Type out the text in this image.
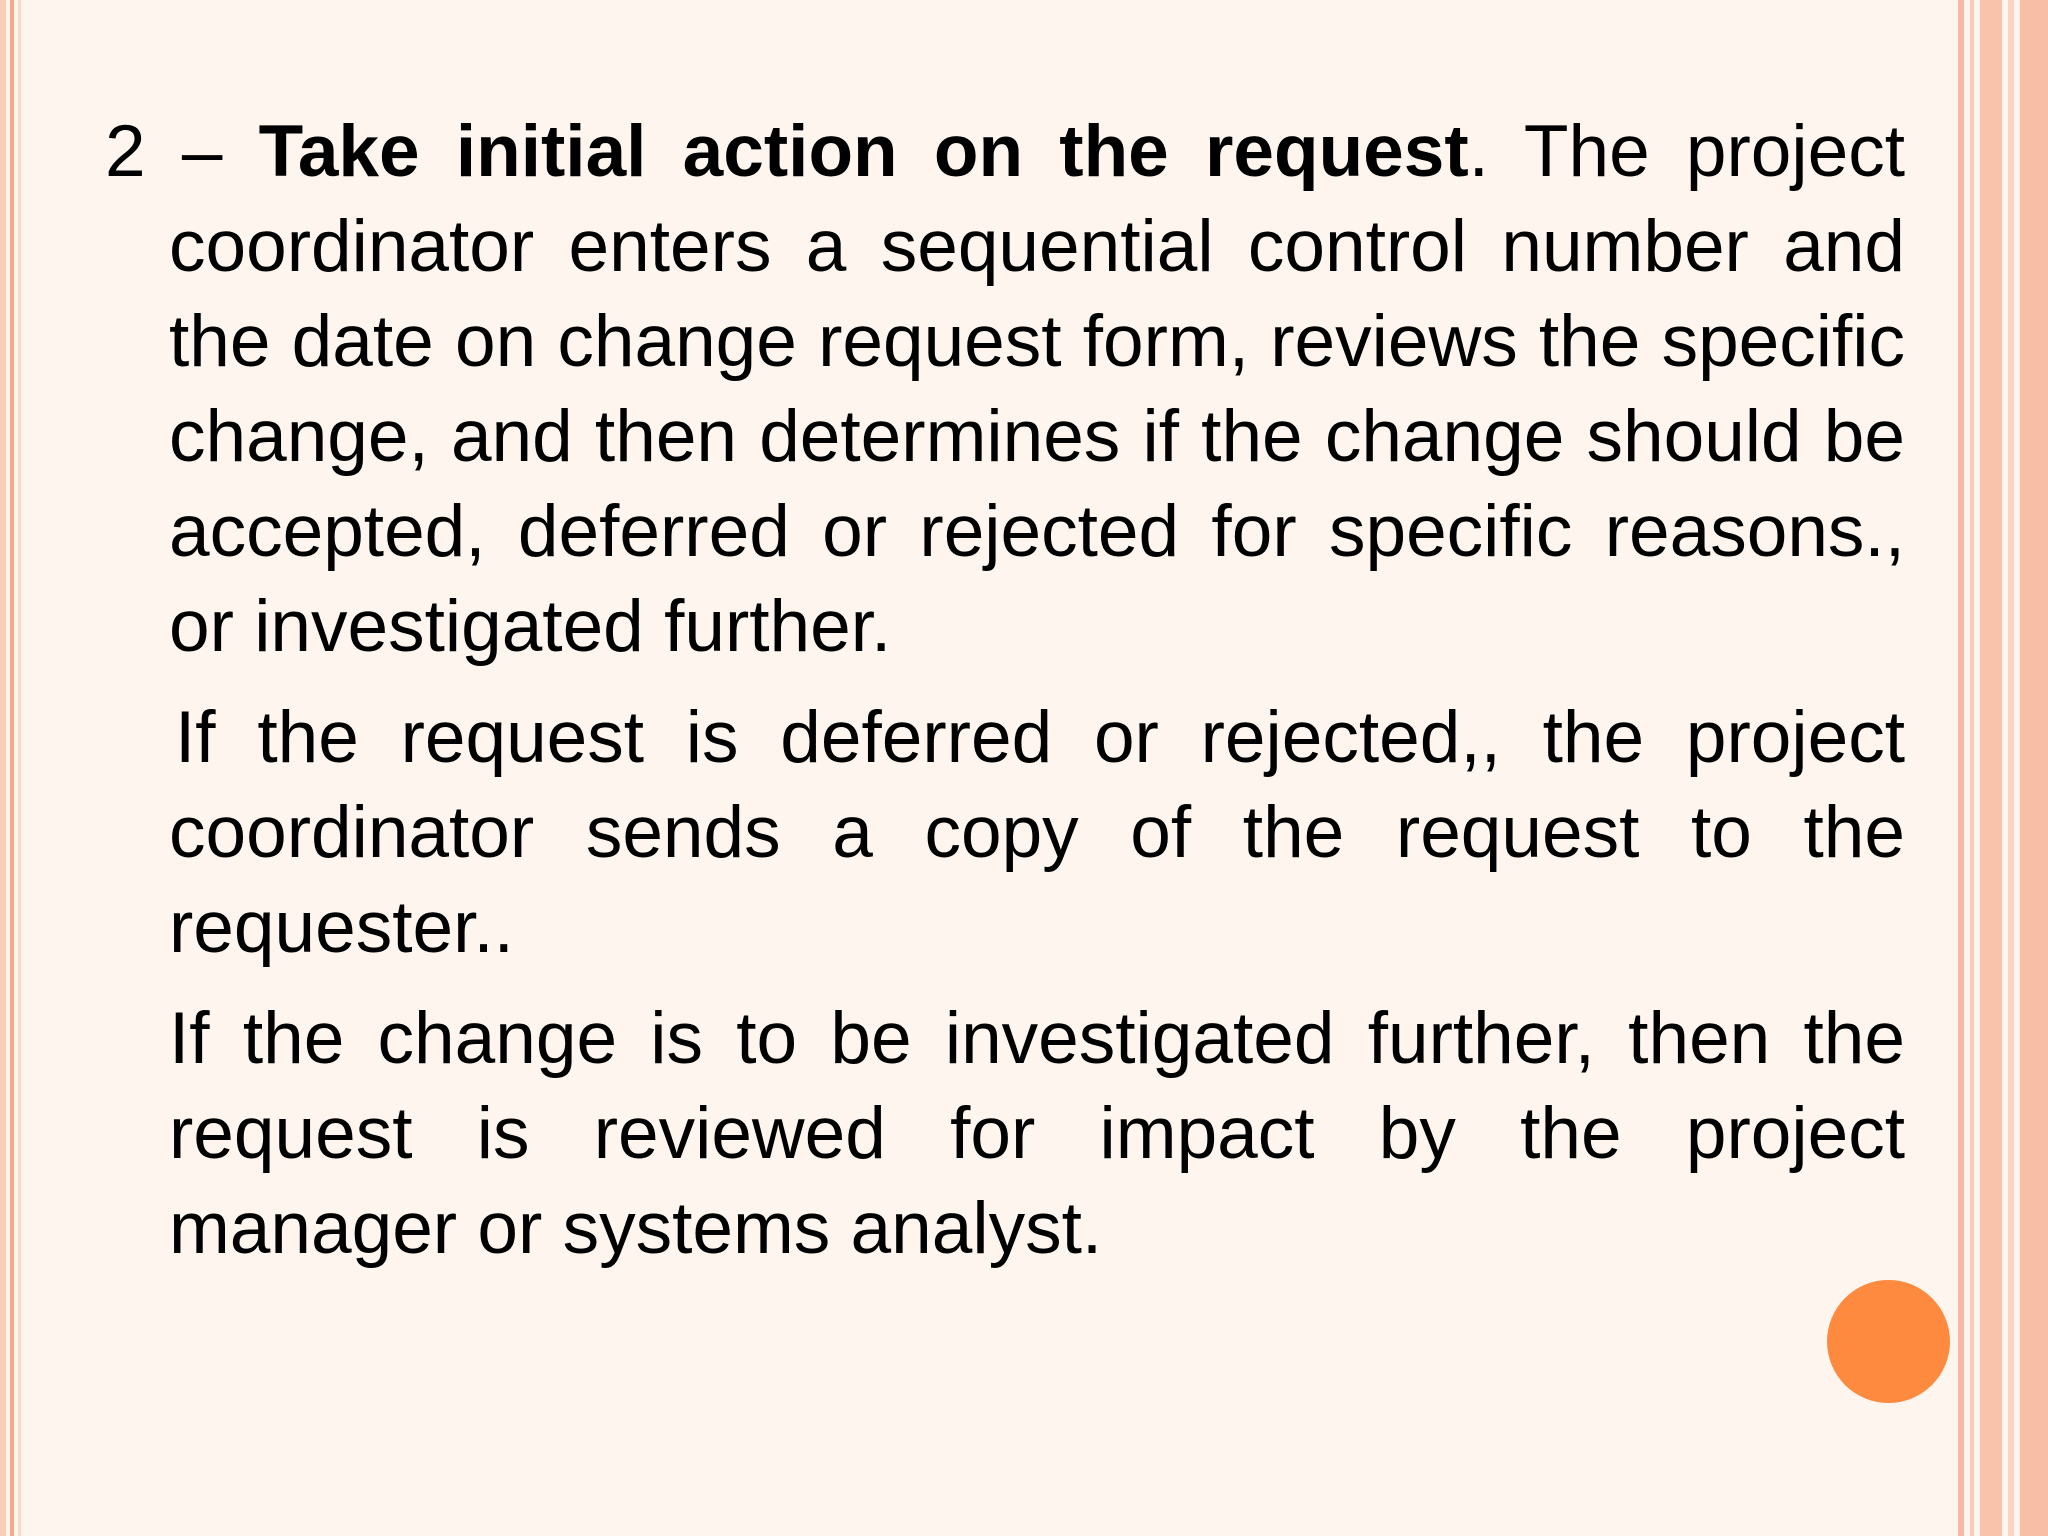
2 – Take initial action on the request. The project coordinator enters a sequential control number and the date on change request form, reviews the specific change, and then determines if the change should be accepted, deferred or rejected for specific reasons., or investigated further.

If the request is deferred or rejected,, the project coordinator sends a copy of the request to the requester..

If the change is to be investigated further, then the request is reviewed for impact by the project manager or systems analyst.
